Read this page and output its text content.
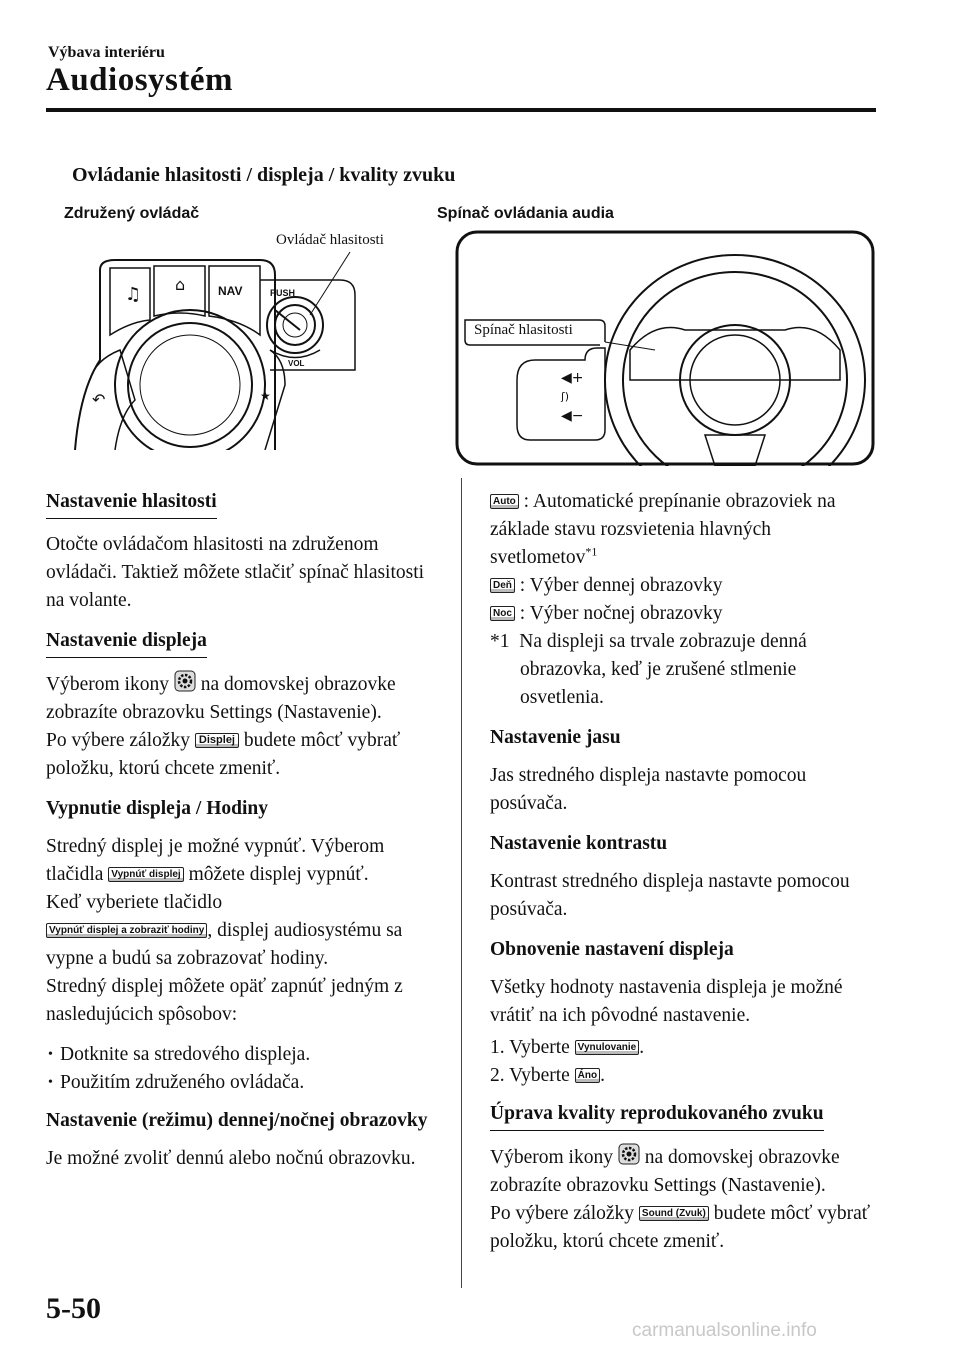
Výbava interiéru
Audiosystém
Ovládanie hlasitosti / displeja / kvality zvuku
Združený ovládač
Ovládač hlasitosti
Spínač ovládania audia
♫ ⌂	NAV	PUSH
VOL
↶	★
◀+
ʃ)
◀−
Spínač hlasitosti
Nastavenie hlasitosti

Otočte ovládačom hlasitosti na združenom ovládači. Taktiež môžete stlačiť spínač hlasitosti na volante.

Nastavenie displeja

Výberom ikony na domovskej obrazovke zobrazíte obrazovku Settings (Nastavenie).
Po výbere záložky Displej budete môcť vybrať položku, ktorú chcete zmeniť.

Vypnutie displeja / Hodiny

Stredný displej je možné vypnúť. Výberom tlačidla Vypnúť displej môžete displej vypnúť.
Keď vyberiete tlačidlo
Vypnúť displej a zobraziť hodiny , displej audiosystému sa vypne a budú sa zobrazovať hodiny.
Stredný displej môžete opäť zapnúť jedným z nasledujúcich spôsobov:

• Dotknite sa stredového displeja.
• Použitím združeného ovládača.
Nastavenie (režimu) dennej/nočnej obrazovky

Je možné zvoliť dennú alebo nočnú obrazovku.

Auto : Automatické prepínanie obrazoviek na základe stavu rozsvietenia hlavných svetlometov$^{*1}$

Deň : Výber dennej obrazovky

Noc : Výber nočnej obrazovky

*1 Na displeji sa trvale zobrazuje denná obrazovka, keď je zrušené stlmenie osvetlenia.

Nastavenie jasu

Jas stredného displeja nastavte pomocou posúvača.

Nastavenie kontrastu

Kontrast stredného displeja nastavte pomocou posúvača.

Obnovenie nastavení displeja

Všetky hodnoty nastavenia displeja je možné vrátiť na ich pôvodné nastavenie.

1. Vyberte Vynulovanie .
2. Vyberte Áno .
Úprava kvality reprodukovaného zvuku

Výberom ikony na domovskej obrazovke zobrazíte obrazovku Settings (Nastavenie).
Po výbere záložky Sound (Zvuk) budete môcť vybrať položku, ktorú chcete zmeniť.

5-50
carmanualsonline.info
